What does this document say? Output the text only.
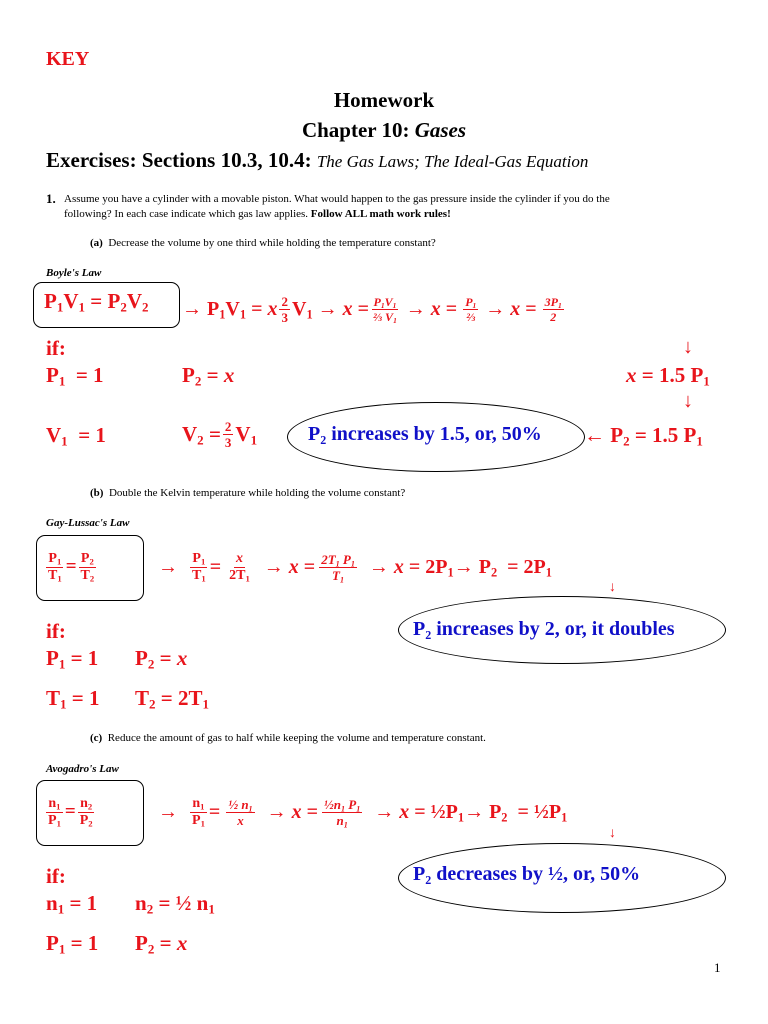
KEY
Homework
Chapter 10: Gases
Exercises: Sections 10.3, 10.4: The Gas Laws; The Ideal-Gas Equation
1. Assume you have a cylinder with a movable piston. What would happen to the gas pressure inside the cylinder if you do the
following? In each case indicate which gas law applies. Follow ALL math work rules!
(a) Decrease the volume by one third while holding the temperature constant?
Boyle's Law
$P_1V_1 = P_2V_2 \to P_1V_1 = x \frac{2}{3} V_1 \to x = \frac{P_1V_1}{\frac{2}{3} V_1} \to x = \frac{P_1}{\text{⅔}} \to x = \frac{3P_1}{2}$
↓
if:
$P_1 = 1$	$P_2 = x$	x = 1.5 $P_1$
↓
$V_1 = 1$	$V_2 = \frac{2}{3} V_1$	P₂ increases by 1.5, or, 50% ← $P_2 = 1.5$ $P_1$
(b) Double the Kelvin temperature while holding the volume constant?
Gay-Lussac's Law
$\frac{P_1}{T_1} = \frac{P_2}{T_2}$	→ $\frac{P_1}{T_1} = \frac{x}{2T_1} \to x = \frac{2T_1 P_1}{T_1} \to x = 2P_1\to P_2 = 2P_1$
↓
if:	P₂ increases by 2, or, it doubles
$P_1 = 1$ $P_2 = x$
$T_1 = 1$ $T_2 = 2T_1$
(c) Reduce the amount of gas to half while keeping the volume and temperature constant.
Avogadro's Law
$\frac{n_1}{P_1} = \frac{n_2}{P_2}$	→ $\frac{n_1}{P_1} = \frac{\frac{1}{2} n_1}{x} \to x = \frac{\frac{1}{2}n_1 P_1}{n_1} \to x$ = $\frac{1}{2}P_1\to P_2$  = $\frac{1}{2}P_1$
↓
if:	P₂ decreases by ½, or, 50%
$n_1 = 1$ $n_2$ = ½ $n_1$
$P_1 = 1$ $P_2 = x$
1
